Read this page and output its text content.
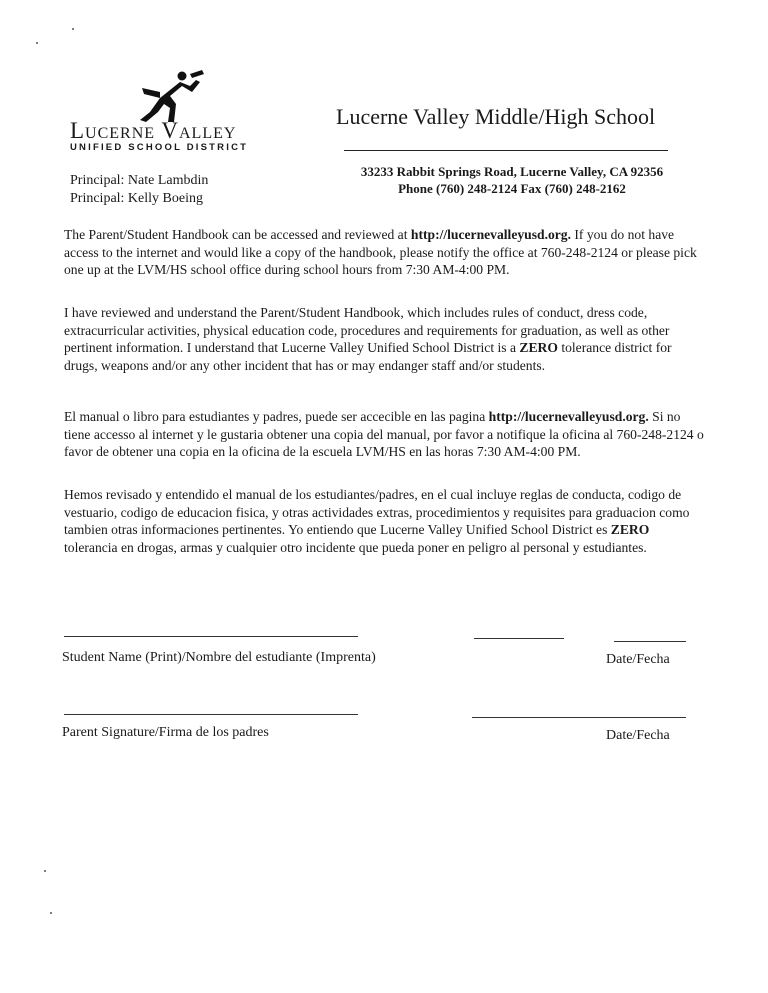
Lucerne Valley
UNIFIED SCHOOL DISTRICT
Lucerne Valley Middle/High School
Principal: Nate Lambdin
Principal: Kelly Boeing
33233 Rabbit Springs Road, Lucerne Valley, CA 92356
Phone (760) 248-2124 Fax (760) 248-2162
The Parent/Student Handbook can be accessed and reviewed at http://lucernevalleyusd.org. If you do not have access to the internet and would like a copy of the handbook, please notify the office at 760-248-2124 or please pick one up at the LVM/HS school office during school hours from 7:30 AM-4:00 PM.
I have reviewed and understand the Parent/Student Handbook, which includes rules of conduct, dress code, extracurricular activities, physical education code, procedures and requirements for graduation, as well as other pertinent information. I understand that Lucerne Valley Unified School District is a ZERO tolerance district for drugs, weapons and/or any other incident that has or may endanger staff and/or students.
El manual o libro para estudiantes y padres, puede ser accecible en las pagina http://lucernevalleyusd.org. Si no tiene accesso al internet y le gustaria obtener una copia del manual, por favor a notifique la oficina al 760-248-2124 o favor de obtener una copia en la oficina de la escuela LVM/HS en las horas 7:30 AM-4:00 PM.
Hemos revisado y entendido el manual de los estudiantes/padres, en el cual incluye reglas de conducta, codigo de vestuario, codigo de educacion fisica, y otras actividades extras, procedimientos y requisites para graduacion como tambien otras informaciones pertinentes. Yo entiendo que Lucerne Valley Unified School District es ZERO tolerancia en drogas, armas y cualquier otro incidente que pueda poner en peligro al personal y estudiantes.
Student Name (Print)/Nombre del estudiante (Imprenta)	Date/Fecha
Parent Signature/Firma de los padres	Date/Fecha
